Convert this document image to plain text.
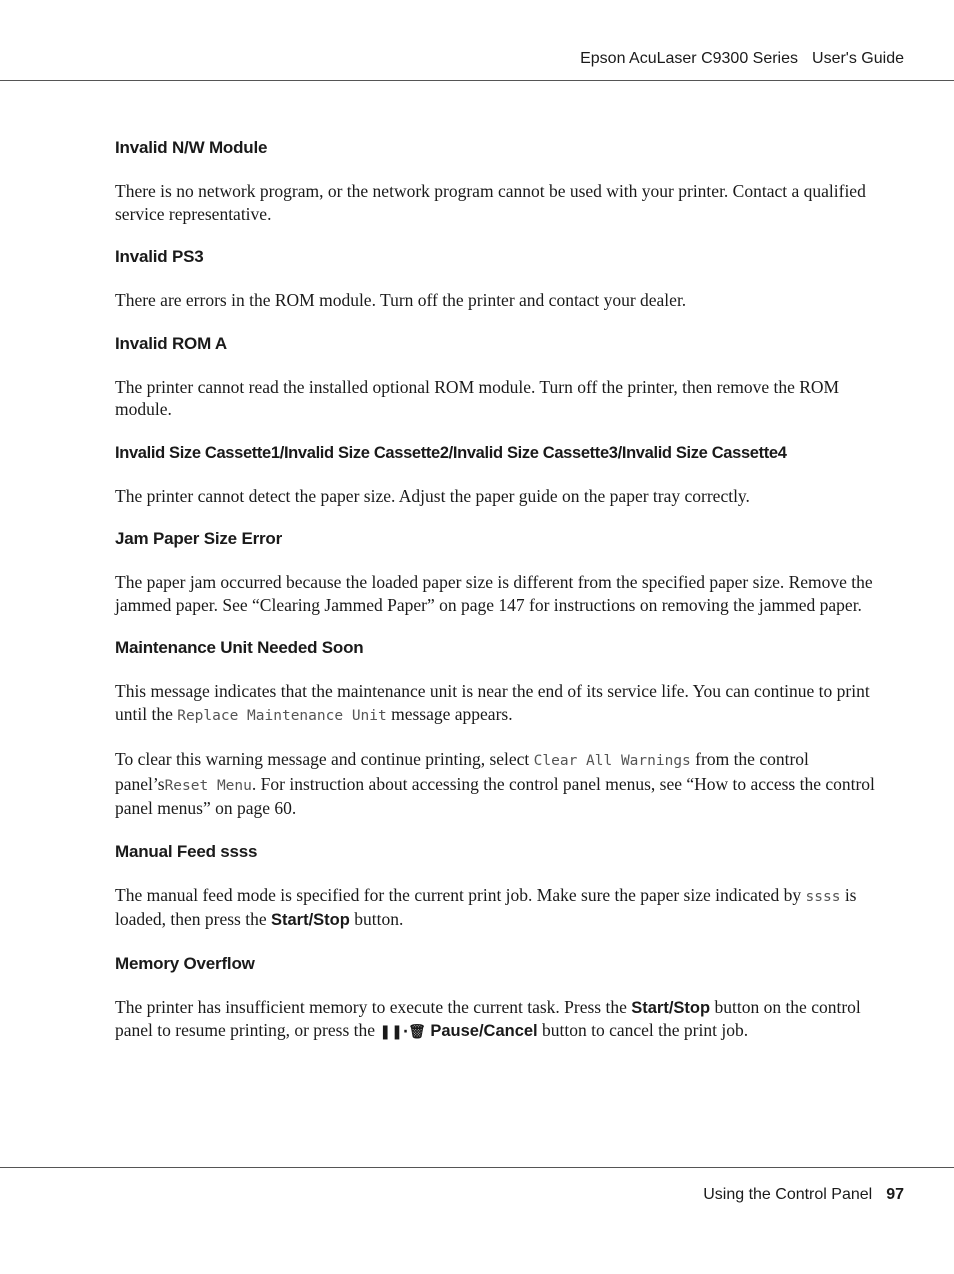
Epson AcuLaser C9300 Series User's Guide
Invalid N/W Module

There is no network program, or the network program cannot be used with your printer. Contact a qualified service representative.

Invalid PS3

There are errors in the ROM module. Turn off the printer and contact your dealer.

Invalid ROM A

The printer cannot read the installed optional ROM module. Turn off the printer, then remove the ROM module.

Invalid Size Cassette1/Invalid Size Cassette2/Invalid Size Cassette3/Invalid Size Cassette4

The printer cannot detect the paper size. Adjust the paper guide on the paper tray correctly.

Jam Paper Size Error

The paper jam occurred because the loaded paper size is different from the specified paper size. Remove the jammed paper. See “Clearing Jammed Paper” on page 147 for instructions on removing the jammed paper.

Maintenance Unit Needed Soon

This message indicates that the maintenance unit is near the end of its service life. You can continue to print until the Replace Maintenance Unit message appears.

To clear this warning message and continue printing, select Clear All Warnings from the control panel’sReset Menu. For instruction about accessing the control panel menus, see “How to access the control panel menus” on page 60.

Manual Feed ssss

The manual feed mode is specified for the current print job. Make sure the paper size indicated by ssss is loaded, then press the Start/Stop button.

Memory Overflow

The printer has insufficient memory to execute the current task. Press the Start/Stop button on the control panel to resume printing, or press the ❚❚·🗑 Pause/Cancel button to cancel the print job.

Using the Control Panel 97
